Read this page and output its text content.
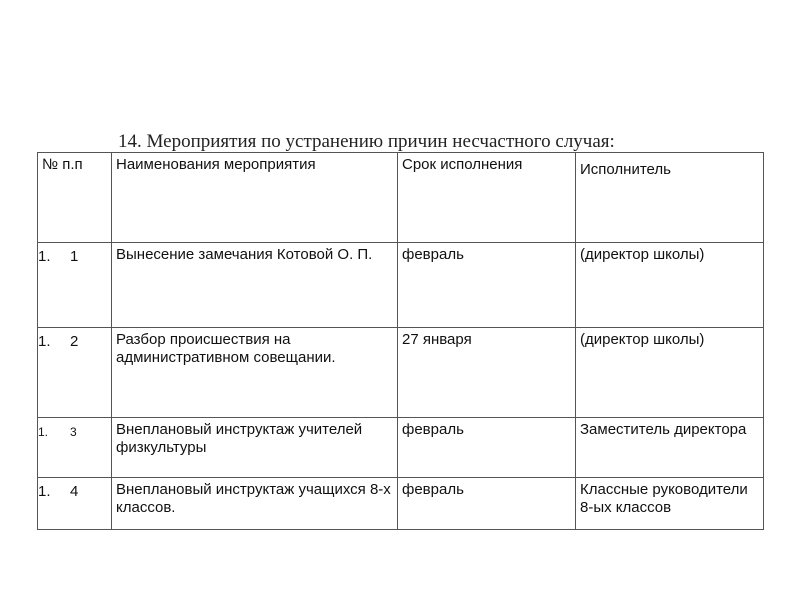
14. Мероприятия по устранению причин несчастного случая:
№ п.п	Наименования мероприятия	Срок исполнения	Исполнитель

1. 1	Вынесение замечания Котовой О. П.	февраль	(директор школы)

1. 2	Разбор происшествия на административном совещании.	27 января	(директор школы)

1. 3	Внеплановый инструктаж учителей физкультуры	февраль	Заместитель директора

1. 4	Внеплановый инструктаж учащихся 8-х классов.	февраль	Классные руководители 8-ых классов
